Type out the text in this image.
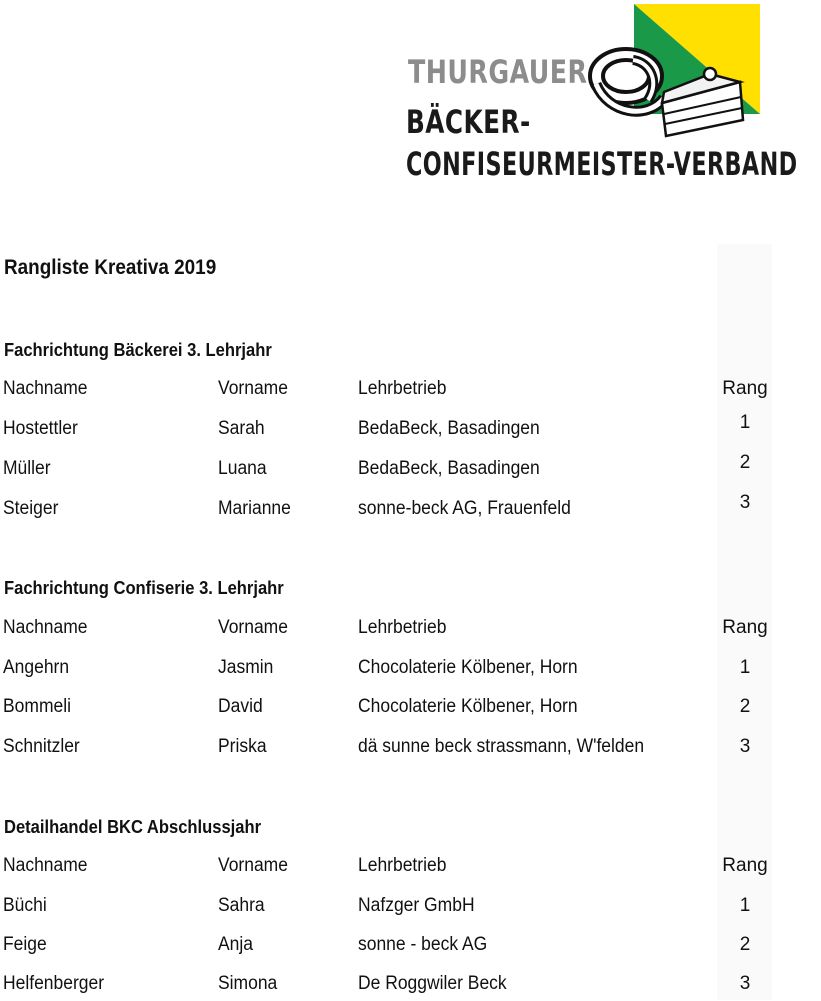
THURGAUER
BÄCKER-
CONFISEURMEISTER-VERBAND
Rangliste Kreativa 2019
Fachrichtung Bäckerei 3. Lehrjahr
Nachname	Vorname	Lehrbetrieb	Rang
Hostettler	Sarah	BedaBeck, Basadingen	1
Müller	Luana	BedaBeck, Basadingen	2
Steiger	Marianne	sonne-beck AG, Frauenfeld	3
Fachrichtung Confiserie 3. Lehrjahr
Nachname	Vorname	Lehrbetrieb	Rang
Angehrn	Jasmin	Chocolaterie Kölbener, Horn	1
Bommeli	David	Chocolaterie Kölbener, Horn	2
Schnitzler	Priska	dä sunne beck strassmann, W'felden	3
Detailhandel BKC Abschlussjahr
Nachname	Vorname	Lehrbetrieb	Rang
Büchi	Sahra	Nafzger GmbH	1
Feige	Anja	sonne - beck AG	2
Helfenberger	Simona	De Roggwiler Beck	3
